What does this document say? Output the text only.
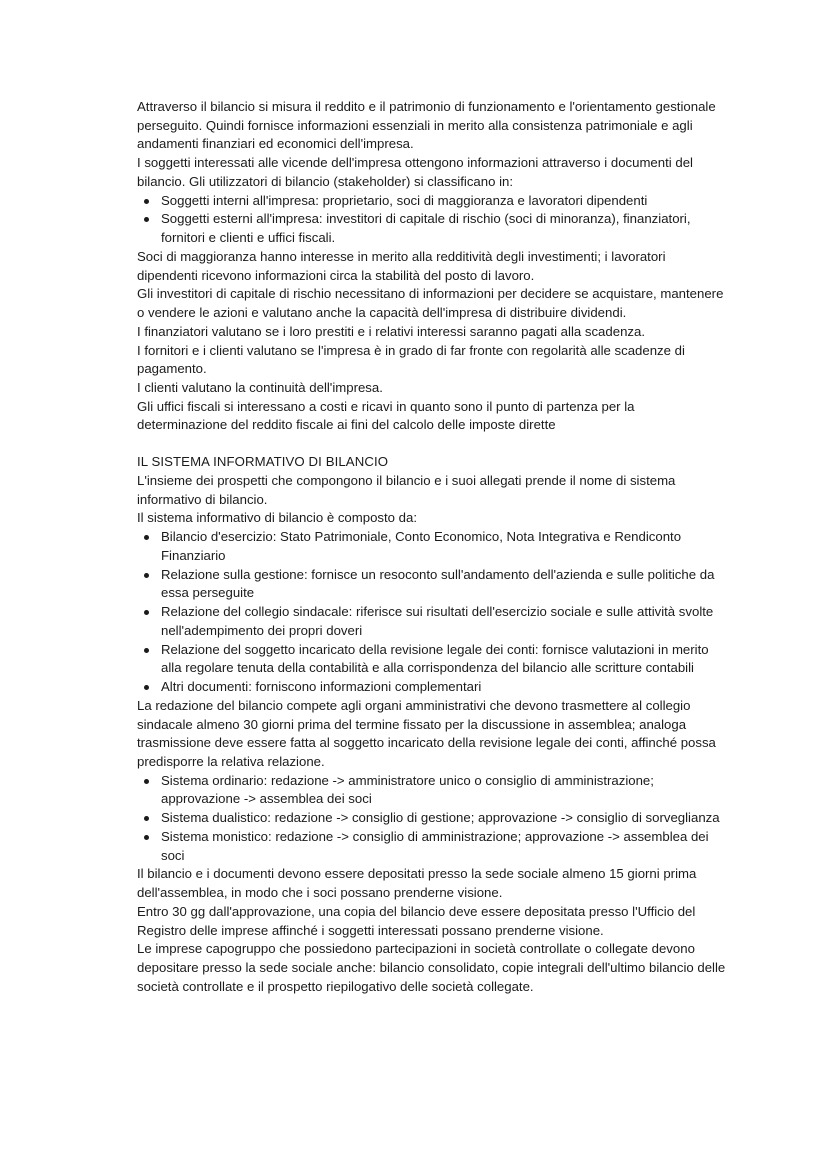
Attraverso il bilancio si misura il reddito e il patrimonio di funzionamento e l'orientamento gestionale perseguito. Quindi fornisce informazioni essenziali in merito alla consistenza patrimoniale e agli andamenti finanziari ed economici dell'impresa.

I soggetti interessati alle vicende dell'impresa ottengono informazioni attraverso i documenti del bilancio. Gli utilizzatori di bilancio (stakeholder) si classificano in:

Soggetti interni all'impresa: proprietario, soci di maggioranza e lavoratori dipendenti
Soggetti esterni all'impresa: investitori di capitale di rischio (soci di minoranza), finanziatori, fornitori e clienti e uffici fiscali.

Soci di maggioranza hanno interesse in merito alla redditività degli investimenti; i lavoratori dipendenti ricevono informazioni circa la stabilità del posto di lavoro.

Gli investitori di capitale di rischio necessitano di informazioni per decidere se acquistare, mantenere o vendere le azioni e valutano anche la capacità dell'impresa di distribuire dividendi.

I finanziatori valutano se i loro prestiti e i relativi interessi saranno pagati alla scadenza.

I fornitori e i clienti valutano se l'impresa è in grado di far fronte con regolarità alle scadenze di pagamento.

I clienti valutano la continuità dell'impresa.

Gli uffici fiscali si interessano a costi e ricavi in quanto sono il punto di partenza per la determinazione del reddito fiscale ai fini del calcolo delle imposte dirette

IL SISTEMA INFORMATIVO DI BILANCIO

L'insieme dei prospetti che compongono il bilancio e i suoi allegati prende il nome di sistema informativo di bilancio.

Il sistema informativo di bilancio è composto da:

Bilancio d'esercizio: Stato Patrimoniale, Conto Economico, Nota Integrativa e Rendiconto Finanziario
Relazione sulla gestione: fornisce un resoconto sull'andamento dell'azienda e sulle politiche da essa perseguite
Relazione del collegio sindacale: riferisce sui risultati dell'esercizio sociale e sulle attività svolte nell'adempimento dei propri doveri
Relazione del soggetto incaricato della revisione legale dei conti: fornisce valutazioni in merito alla regolare tenuta della contabilità e alla corrispondenza del bilancio alle scritture contabili
Altri documenti: forniscono informazioni complementari

La redazione del bilancio compete agli organi amministrativi che devono trasmettere al collegio sindacale almeno 30 giorni prima del termine fissato per la discussione in assemblea; analoga trasmissione deve essere fatta al soggetto incaricato della revisione legale dei conti, affinché possa predisporre la relativa relazione.

Sistema ordinario: redazione -> amministratore unico o consiglio di amministrazione; approvazione -> assemblea dei soci
Sistema dualistico: redazione -> consiglio di gestione; approvazione -> consiglio di sorveglianza
Sistema monistico: redazione -> consiglio di amministrazione; approvazione -> assemblea dei soci

Il bilancio e i documenti devono essere depositati presso la sede sociale almeno 15 giorni prima dell'assemblea, in modo che i soci possano prenderne visione.

Entro 30 gg dall'approvazione, una copia del bilancio deve essere depositata presso l'Ufficio del Registro delle imprese affinché i soggetti interessati possano prenderne visione.

Le imprese capogruppo che possiedono partecipazioni in società controllate o collegate devono depositare presso la sede sociale anche: bilancio consolidato, copie integrali dell'ultimo bilancio delle società controllate e il prospetto riepilogativo delle società collegate.
